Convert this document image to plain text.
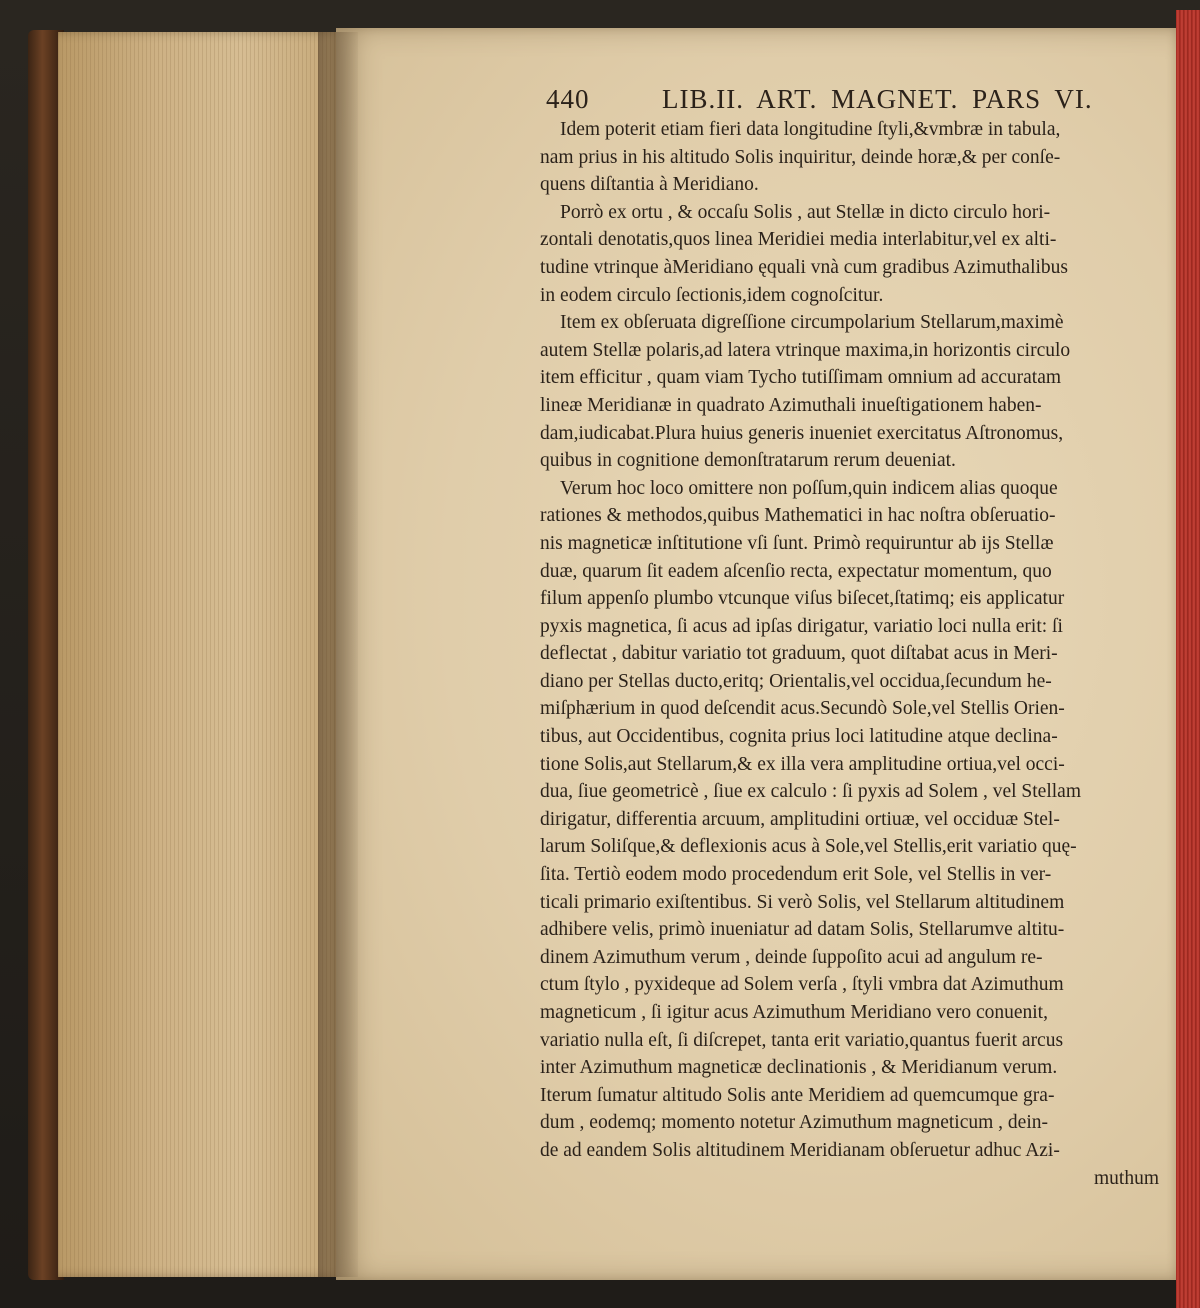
440	LIB.II. ART. MAGNET. PARS VI.
Idem poterit etiam fieri data longitudine ſtyli,&vmbræ in tabula,
nam prius in his altitudo Solis inquiritur, deinde horæ,& per conſe-
quens diſtantia à Meridiano.
Porrò ex ortu , & occaſu Solis , aut Stellæ in dicto circulo hori-
zontali denotatis,quos linea Meridiei media interlabitur,vel ex alti-
tudine vtrinque àMeridiano ęquali vnà cum gradibus Azimuthalibus
in eodem circulo ſectionis,idem cognoſcitur.
Item ex obſeruata digreſſione circumpolarium Stellarum,maximè
autem Stellæ polaris,ad latera vtrinque maxima,in horizontis circulo
item efficitur , quam viam Tycho tutiſſimam omnium ad accuratam
lineæ Meridianæ in quadrato Azimuthali inueſtigationem haben-
dam,iudicabat.Plura huius generis inueniet exercitatus Aſtronomus,
quibus in cognitione demonſtratarum rerum deueniat.
Verum hoc loco omittere non poſſum,quin indicem alias quoque
rationes & methodos,quibus Mathematici in hac noſtra obſeruatio-
nis magneticæ inſtitutione vſi ſunt. Primò requiruntur ab ijs Stellæ
duæ, quarum ſit eadem aſcenſio recta, expectatur momentum, quo
filum appenſo plumbo vtcunque viſus biſecet,ſtatimq; eis applicatur
pyxis magnetica, ſi acus ad ipſas dirigatur, variatio loci nulla erit: ſi
deflectat , dabitur variatio tot graduum, quot diſtabat acus in Meri-
diano per Stellas ducto,eritq; Orientalis,vel occidua,ſecundum he-
miſphærium in quod deſcendit acus.Secundò Sole,vel Stellis Orien-
tibus, aut Occidentibus, cognita prius loci latitudine atque declina-
tione Solis,aut Stellarum,& ex illa vera amplitudine ortiua,vel occi-
dua, ſiue geometricè , ſiue ex calculo : ſi pyxis ad Solem , vel Stellam
dirigatur, differentia arcuum, amplitudini ortiuæ, vel occiduæ Stel-
larum Soliſque,& deflexionis acus à Sole,vel Stellis,erit variatio quę-
ſita. Tertiò eodem modo procedendum erit Sole, vel Stellis in ver-
ticali primario exiſtentibus. Si verò Solis, vel Stellarum altitudinem
adhibere velis, primò inueniatur ad datam Solis, Stellarumve altitu-
dinem Azimuthum verum , deinde ſuppoſito acui ad angulum re-
ctum ſtylo , pyxideque ad Solem verſa , ſtyli vmbra dat Azimuthum
magneticum , ſi igitur acus Azimuthum Meridiano vero conuenit,
variatio nulla eſt, ſi diſcrepet, tanta erit variatio,quantus fuerit arcus
inter Azimuthum magneticæ declinationis , & Meridianum verum.
Iterum ſumatur altitudo Solis ante Meridiem ad quemcumque gra-
dum , eodemq; momento notetur Azimuthum magneticum , dein-
de ad eandem Solis altitudinem Meridianam obſeruetur adhuc Azi-
muthum
